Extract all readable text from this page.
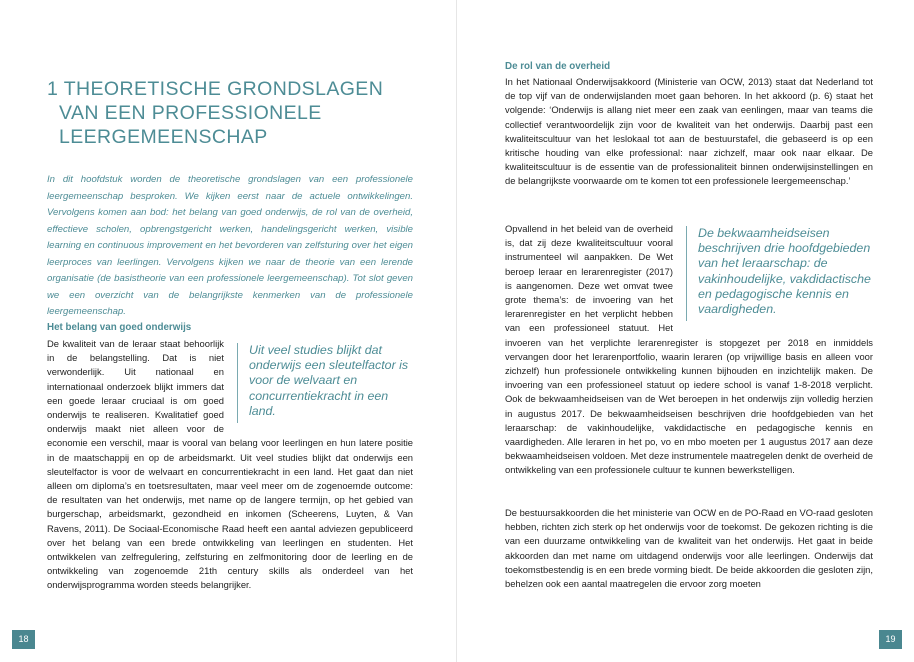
1 THEORETISCHE GRONDSLAGEN
VAN EEN PROFESSIONELE
LEERGEMEENSCHAP

In dit hoofdstuk worden de theoretische grondslagen van een professionele leergemeenschap besproken. We kijken eerst naar de actuele ontwikkelingen. Vervolgens komen aan bod: het belang van goed onderwijs, de rol van de overheid, effectieve scholen, opbrengstgericht werken, handelingsgericht werken, visible learning en continuous improvement en het bevorderen van zelfsturing over het eigen leerproces van leerlingen. Vervolgens kijken we naar de theorie van een lerende organisatie (de basistheorie van een professionele leergemeenschap). Tot slot geven we een overzicht van de belangrijkste kenmerken van de professionele leergemeenschap.

Het belang van goed onderwijs
Uit veel studies blijkt dat onderwijs een sleutelfactor is voor de welvaart en concurrentiekracht in een land.
De kwaliteit van de leraar staat behoorlijk in de belangstelling. Dat is niet verwonderlijk. Uit nationaal en internationaal onderzoek blijkt immers dat een goede leraar cruciaal is om goed onderwijs te realiseren. Kwalitatief goed onderwijs maakt niet alleen voor de economie een verschil, maar is vooral van belang voor leerlingen en hun latere positie in de maatschappij en op de arbeidsmarkt. Uit veel studies blijkt dat onderwijs een sleutelfactor is voor de welvaart en concurrentiekracht in een land. Het gaat dan niet alleen om diploma’s en toetsresultaten, maar veel meer om de zogenoemde outcome: de resultaten van het onderwijs, met name op de langere termijn, op het gebied van burgerschap, arbeidsmarkt, gezondheid en inkomen (Scheerens, Luyten, & Van Ravens, 2011). De Sociaal-Economische Raad heeft een aantal adviezen gepubliceerd over het belang van een brede ontwikkeling van leerlingen en studenten. Het ontwikkelen van zelfregulering, zelfsturing en zelfmonitoring door de leerling en de ontwikkeling van zogenoemde 21th century skills als onderdeel van het onderwijsprogramma worden steeds belangrijker.
18
De rol van de overheid

In het Nationaal Onderwijsakkoord (Ministerie van OCW, 2013) staat dat Nederland tot de top vijf van de onderwijslanden moet gaan behoren. In het akkoord (p. 6) staat het volgende: ‘Onderwijs is allang niet meer een zaak van eenlingen, maar van teams die collectief verantwoordelijk zijn voor de kwaliteit van het onderwijs. Daarbij past een kwaliteitscultuur van het leslokaal tot aan de bestuurstafel, die gebaseerd is op een kritische houding van elke professional: naar zichzelf, maar ook naar elkaar. De kwaliteitscultuur is de essentie van de professionaliteit binnen onderwijsinstellingen en de belangrijkste voorwaarde om te komen tot een professionele leergemeenschap.’

De bekwaamheidseisen beschrijven drie hoofdgebieden van het leraarschap: de vakinhoudelijke, vakdidactische en pedagogische kennis en vaardigheden.
Opvallend in het beleid van de overheid is, dat zij deze kwaliteitscultuur vooral instrumenteel wil aanpakken. De Wet beroep leraar en lerarenregister (2017) is aangenomen. Deze wet omvat twee grote thema’s: de invoering van het lerarenregister en het verplicht hebben van een professioneel statuut. Het invoeren van het verplichte lerarenregister is stopgezet per 2018 en inmiddels vervangen door het lerarenportfolio, waarin leraren (op vrijwillige basis en alleen voor zichzelf) hun professionele ontwikkeling kunnen bijhouden en inzichtelijk maken. De invoering van een professioneel statuut op iedere school is vanaf 1-8-2018 verplicht. Ook de bekwaamheidseisen van de Wet beroepen in het onderwijs zijn volledig herzien in augustus 2017. De bekwaamheidseisen beschrijven drie hoofdgebieden van het leraarschap: de vakinhoudelijke, vakdidactische en pedagogische kennis en vaardigheden. Alle leraren in het po, vo en mbo moeten per 1 augustus 2017 aan deze bekwaamheidseisen voldoen. Met deze instrumentele maatregelen denkt de overheid de ontwikkeling van een professionele cultuur te kunnen bewerkstelligen.

De bestuursakkoorden die het ministerie van OCW en de PO-Raad en VO-raad gesloten hebben, richten zich sterk op het onderwijs voor de toekomst. De gekozen richting is die van een duurzame ontwikkeling van de kwaliteit van het onderwijs. Het gaat in beide akkoorden dan met name om uitdagend onderwijs voor alle leerlingen. Onderwijs dat toekomstbestendig is en een brede vorming biedt. De beide akkoorden die gesloten zijn, behelzen ook een aantal maatregelen die ervoor zorg moeten

19
